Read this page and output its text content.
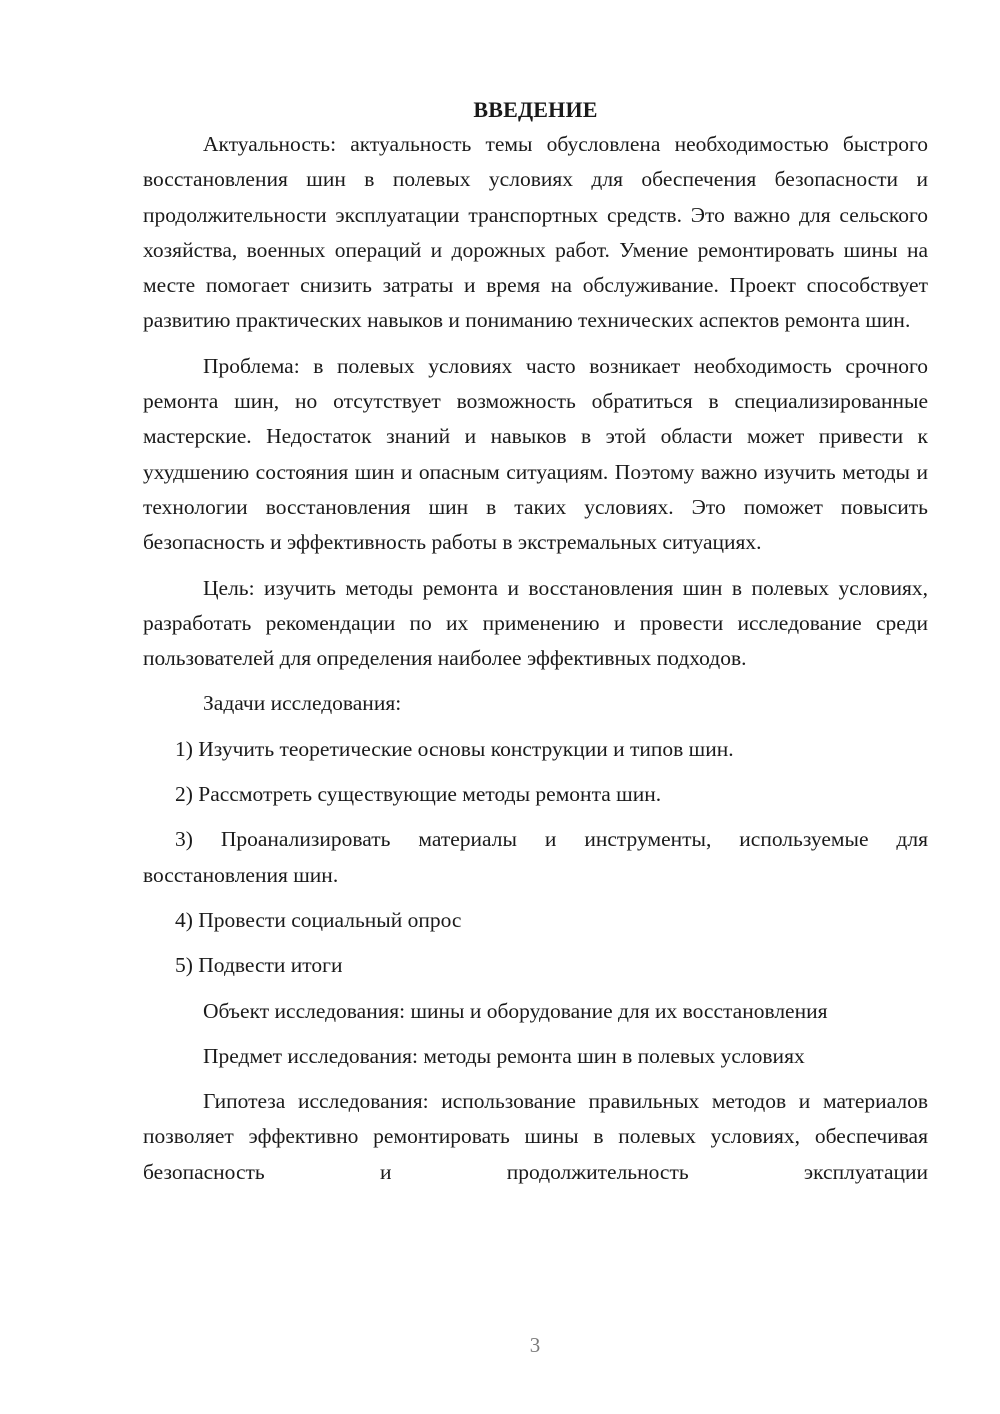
ВВЕДЕНИЕ

Актуальность: актуальность темы обусловлена необходимостью быстрого восстановления шин в полевых условиях для обеспечения безопасности и продолжительности эксплуатации транспортных средств. Это важно для сельского хозяйства, военных операций и дорожных работ. Умение ремонтировать шины на месте помогает снизить затраты и время на обслуживание. Проект способствует развитию практических навыков и пониманию технических аспектов ремонта шин.

Проблема: в полевых условиях часто возникает необходимость срочного ремонта шин, но отсутствует возможность обратиться в специализированные мастерские. Недостаток знаний и навыков в этой области может привести к ухудшению состояния шин и опасным ситуациям. Поэтому важно изучить методы и технологии восстановления шин в таких условиях. Это поможет повысить безопасность и эффективность работы в экстремальных ситуациях.

Цель: изучить методы ремонта и восстановления шин в полевых условиях, разработать рекомендации по их применению и провести исследование среди пользователей для определения наиболее эффективных подходов.

Задачи исследования:

1) Изучить теоретические основы конструкции и типов шин.

2) Рассмотреть существующие методы ремонта шин.

3) Проанализировать материалы и инструменты, используемые для восстановления шин.

4) Провести социальный опрос

5) Подвести итоги

Объект исследования: шины и оборудование для их восстановления

Предмет исследования: методы ремонта шин в полевых условиях

Гипотеза исследования: использование правильных методов и материалов позволяет эффективно ремонтировать шины в полевых условиях, обеспечивая безопасность и продолжительность эксплуатации

3
